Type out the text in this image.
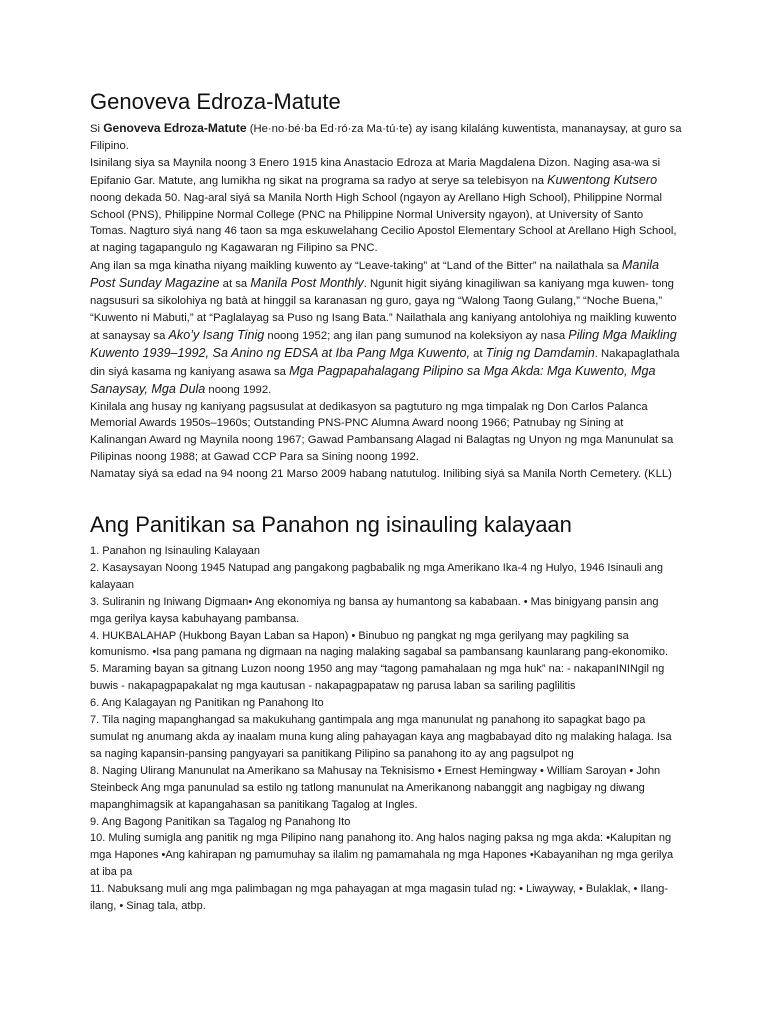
Genoveva Edroza-Matute

Si Genoveva Edroza-Matute (He·no·bé·ba Ed·ró·za Ma·tú·te) ay isang kilaláng kuwentista, mananaysay, at guro sa Filipino.

Isinilang siya sa Maynila noong 3 Enero 1915 kina Anastacio Edroza at Maria Magdalena Dizon. Naging asa-wa si Epifanio Gar. Matute, ang lumikha ng sikat na programa sa radyo at serye sa telebisyon na Kuwentong Kutsero noong dekada 50. Nag-aral siyá sa Manila North High School (ngayon ay Arellano High School), Philippine Normal School (PNS), Philippine Normal College (PNC na Philippine Normal University ngayon), at University of Santo Tomas. Nagturo siyá nang 46 taon sa mga eskuwelahang Cecilio Apostol Elementary School at Arellano High School, at naging tagapangulo ng Kagawaran ng Filipino sa PNC.

Ang ilan sa mga kinatha niyang maikling kuwento ay “Leave-taking” at “Land of the Bitter” na nailathala sa Manila Post Sunday Magazine at sa Manila Post Monthly. Ngunit higit siyáng kinagiliwan sa kaniyang mga kuwen- tong nagsusuri sa sikolohiya ng batà at hinggil sa karanasan ng guro, gaya ng “Walong Taong Gulang,” “Noche Buena,” “Kuwento ni Mabuti,” at “Paglalayag sa Puso ng Isang Bata.” Nailathala ang kaniyang antolohiya ng maikling kuwento at sanaysay sa Ako’y Isang Tinig noong 1952; ang ilan pang sumunod na koleksiyon ay nasa Piling Mga Maikling Kuwento 1939–1992, Sa Anino ng EDSA at Iba Pang Mga Kuwento, at Tinig ng Damdamin. Nakapaglathala din siyá kasama ng kaniyang asawa sa Mga Pagpapahalagang Pilipino sa Mga Akda: Mga Kuwento, Mga Sanaysay, Mga Dula noong 1992.

Kinilala ang husay ng kaniyang pagsusulat at dedikasyon sa pagtuturo ng mga timpalak ng Don Carlos Palanca Memorial Awards 1950s–1960s; Outstanding PNS-PNC Alumna Award noong 1966; Patnubay ng Sining at Kalinangan Award ng Maynila noong 1967; Gawad Pambansang Alagad ni Balagtas ng Unyon ng mga Manunulat sa Pilipinas noong 1988; at Gawad CCP Para sa Sining noong 1992.

Namatay siyá sa edad na 94 noong 21 Marso 2009 habang natutulog. Inilibing siyá sa Manila North Cemetery. (KLL)

Ang Panitikan sa Panahon ng isinauling kalayaan
1. Panahon ng Isinauling Kalayaan
2. Kasaysayan Noong 1945 Natupad ang pangakong pagbabalik ng mga Amerikano Ika-4 ng Hulyo, 1946 Isinauli ang kalayaan
3. Suliranin ng Iniwang Digmaan• Ang ekonomiya ng bansa ay humantong sa kababaan. • Mas binigyang pansin ang mga gerilya kaysa kabuhayang pambansa.
4. HUKBALAHAP (Hukbong Bayan Laban sa Hapon) • Binubuo ng pangkat ng mga gerilyang may pagkiling sa komunismo. •Isa pang pamana ng digmaan na naging malaking sagabal sa pambansang kaunlarang pang-ekonomiko.
5. Maraming bayan sa gitnang Luzon noong 1950 ang may “tagong pamahalaan ng mga huk” na: - nakapanININgil ng buwis - nakapagpapakalat ng mga kautusan - nakapagpapataw ng parusa laban sa sariling paglilitis
6. Ang Kalagayan ng Panitikan ng Panahong Ito
7. Tila naging mapanghangad sa makukuhang gantimpala ang mga manunulat ng panahong ito sapagkat bago pa sumulat ng anumang akda ay inaalam muna kung aling pahayagan kaya ang magbabayad dito ng malaking halaga. Isa sa naging kapansin-pansing pangyayari sa panitikang Pilipino sa panahong ito ay ang pagsulpot ng
8. Naging Ulirang Manunulat na Amerikano sa Mahusay na Teknisismo • Ernest Hemingway • William Saroyan • John Steinbeck Ang mga panunulad sa estilo ng tatlong manunulat na Amerikanong nabanggit ang nagbigay ng diwang mapanghimagsik at kapangahasan sa panitikang Tagalog at Ingles.
9. Ang Bagong Panitikan sa Tagalog ng Panahong Ito
10. Muling sumigla ang panitik ng mga Pilipino nang panahong ito. Ang halos naging paksa ng mga akda: •Kalupitan ng mga Hapones •Ang kahirapan ng pamumuhay sa ilalim ng pamamahala ng mga Hapones •Kabayanihan ng mga gerilya at iba pa
11. Nabuksang muli ang mga palimbagan ng mga pahayagan at mga magasin tulad ng: • Liwayway, • Bulaklak, • Ilang-ilang, • Sinag tala, atbp.
